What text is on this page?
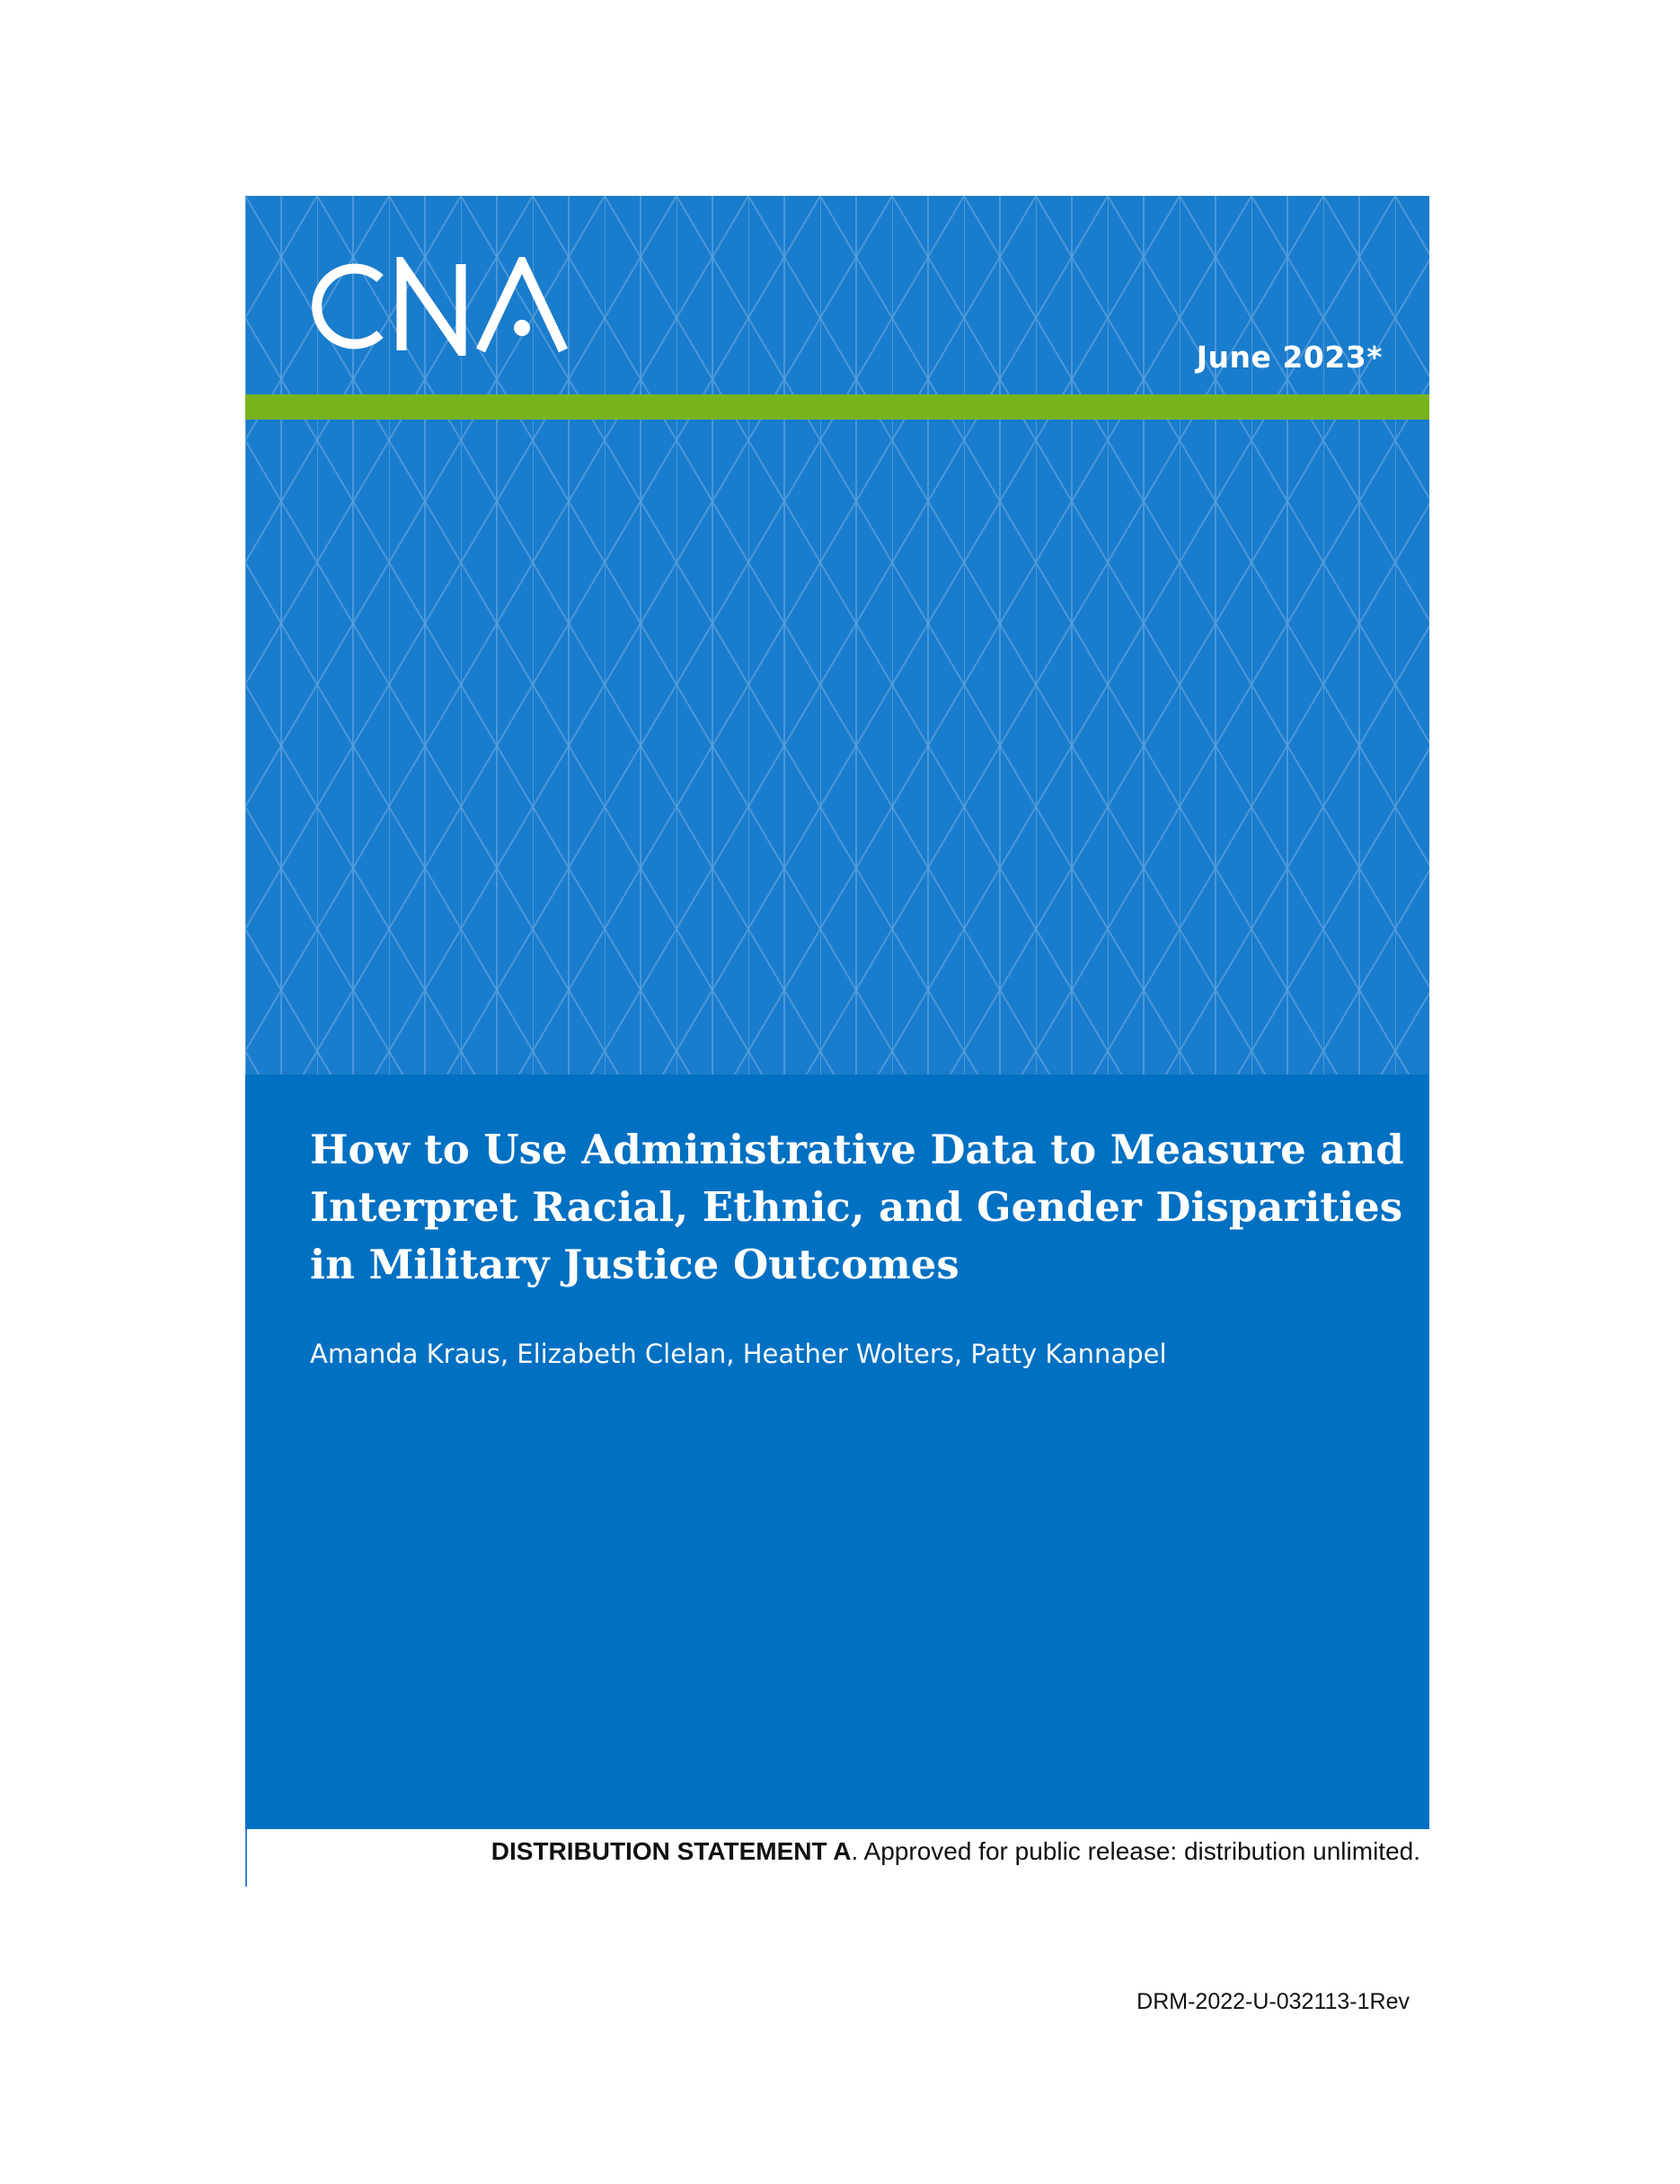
June 2023*
How to Use Administrative Data to Measure and
Interpret Racial, Ethnic, and Gender Disparities
in Military Justice Outcomes
Amanda Kraus, Elizabeth Clelan, Heather Wolters, Patty Kannapel
DISTRIBUTION STATEMENT A. Approved for public release: distribution unlimited.
DRM-2022-U-032113-1Rev
